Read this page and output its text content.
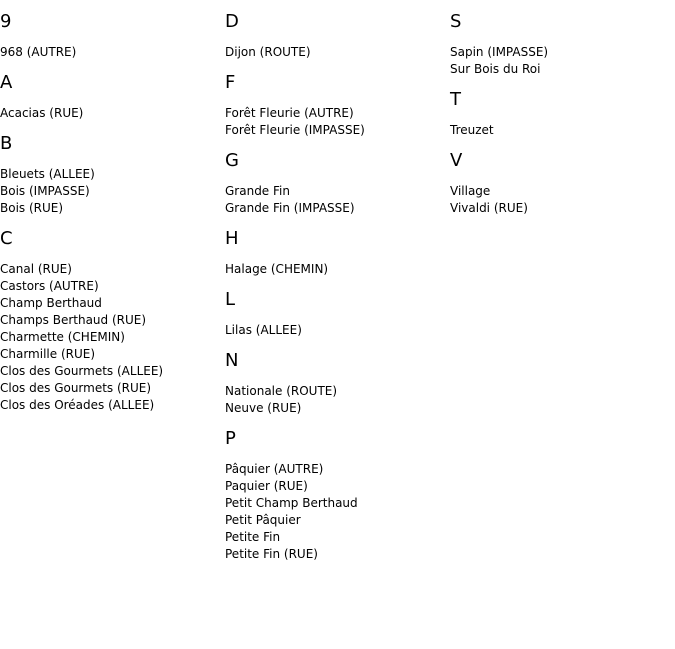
9
968 (AUTRE)
A
Acacias (RUE)
B
Bleuets (ALLEE)
Bois (IMPASSE)
Bois (RUE)
C
Canal (RUE)
Castors (AUTRE)
Champ Berthaud
Champs Berthaud (RUE)
Charmette (CHEMIN)
Charmille (RUE)
Clos des Gourmets (ALLEE)
Clos des Gourmets (RUE)
Clos des Oréades (ALLEE)
D
Dijon (ROUTE)
F
Forêt Fleurie (AUTRE)
Forêt Fleurie (IMPASSE)
G
Grande Fin
Grande Fin (IMPASSE)
H
Halage (CHEMIN)
L
Lilas (ALLEE)
N
Nationale (ROUTE)
Neuve (RUE)
P
Pâquier (AUTRE)
Paquier (RUE)
Petit Champ Berthaud
Petit Pâquier
Petite Fin
Petite Fin (RUE)
S
Sapin (IMPASSE)
Sur Bois du Roi
T
Treuzet
V
Village
Vivaldi (RUE)
